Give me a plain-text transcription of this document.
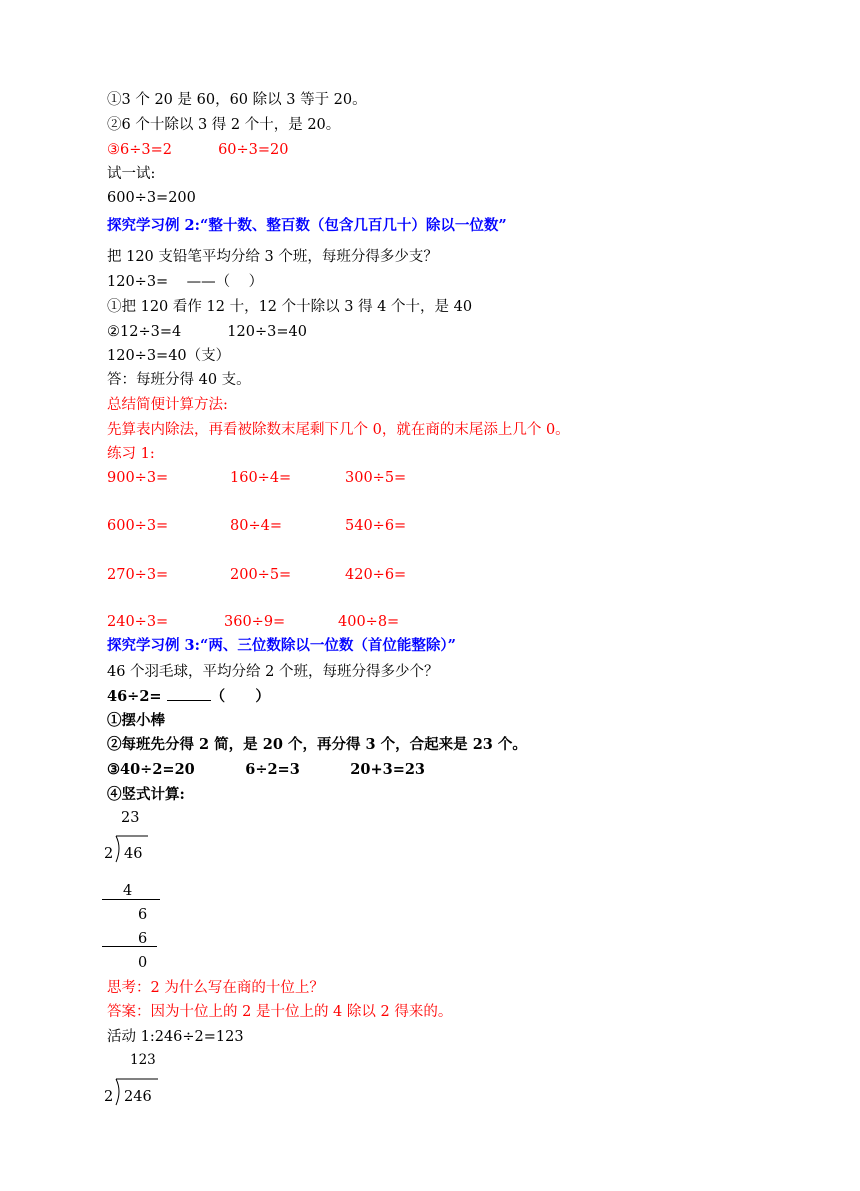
①3 个 20 是 60，60 除以 3 等于 20。
②6 个十除以 3 得 2 个十，是 20。
③6÷3=2          60÷3=20
试一试:
600÷3=200
探究学习例 2:“整十数、整百数（包含几百几十）除以一位数”
把 120 支铅笔平均分给 3 个班，每班分得多少支？
120÷3=    ——（    ）
①把 120 看作 12 十，12 个十除以 3 得 4 个十，是 40
②12÷3=4          120÷3=40
120÷3=40（支）
答：每班分得 40 支。
总结简便计算方法:
先算表内除法，再看被除数末尾剩下几个 0，就在商的末尾添上几个 0。
练习 1:
900÷3=	160÷4=	300÷5=
600÷3=	80÷4=	540÷6=
270÷3=	200÷5=	420÷6=
240÷3=	360÷9=	400÷8=
探究学习例 3:“两、三位数除以一位数（首位能整除）”
46 个羽毛球，平均分给 2 个班，每班分得多少个？
46÷2=	（      ）
①摆小棒
②每班先分得 2 简，是 20 个，再分得 3 个，合起来是 23 个。
③40÷2=20          6÷2=3          20+3=23
④竖式计算:
23
2 46
4
6
6
0
思考：2 为什么写在商的十位上？
答案：因为十位上的 2 是十位上的 4 除以 2 得来的。
活动 1:246÷2=123
123
2 246
